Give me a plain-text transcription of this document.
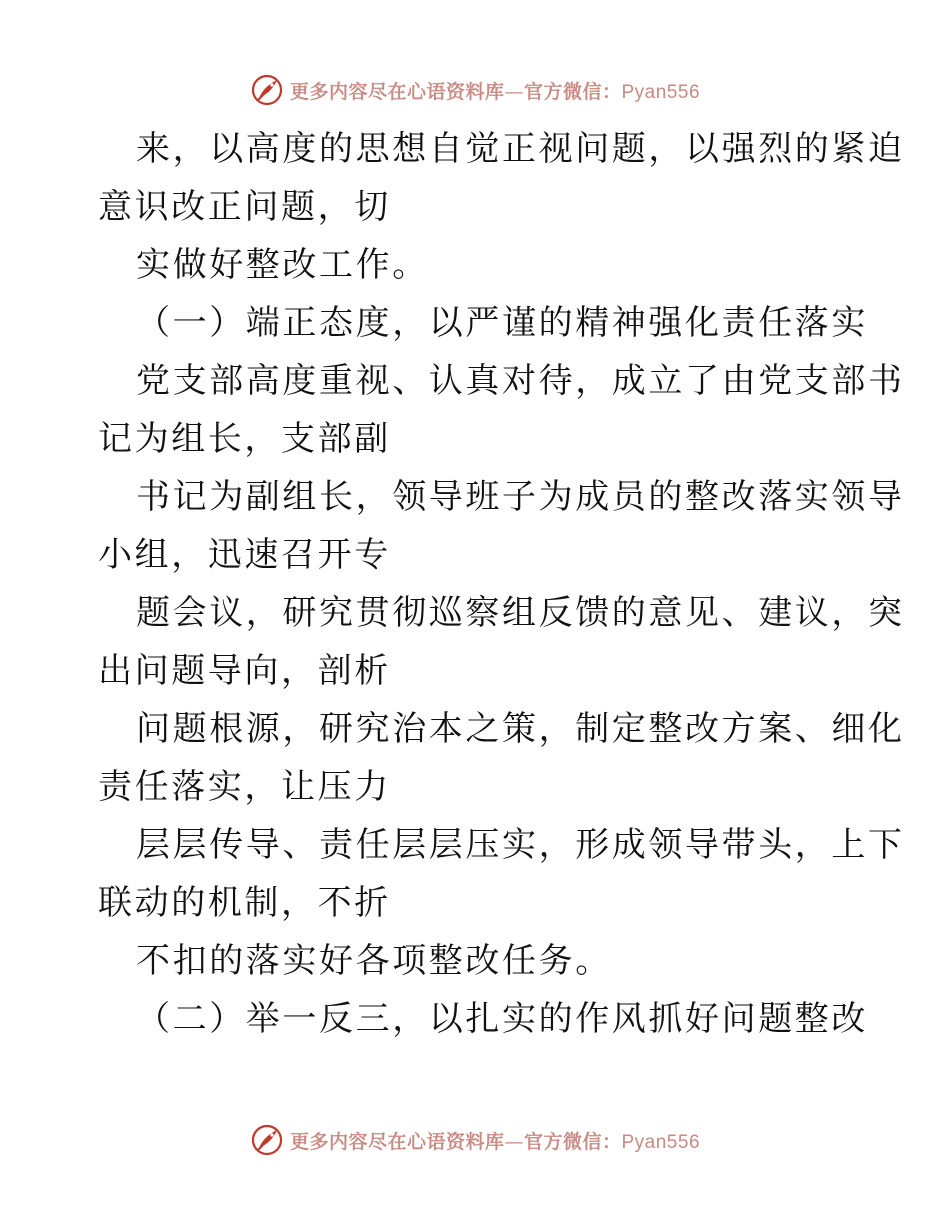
更多内容尽在心语资料库—官方微信：Pyan556
来，以高度的思想自觉正视问题，以强烈的紧迫
意识改正问题，切
实做好整改工作。
（一）端正态度，以严谨的精神强化责任落实
党支部高度重视、认真对待，成立了由党支部书
记为组长，支部副
书记为副组长，领导班子为成员的整改落实领导
小组，迅速召开专
题会议，研究贯彻巡察组反馈的意见、建议，突
出问题导向，剖析
问题根源，研究治本之策，制定整改方案、细化
责任落实，让压力
层层传导、责任层层压实，形成领导带头，上下
联动的机制，不折
不扣的落实好各项整改任务。
（二）举一反三，以扎实的作风抓好问题整改
更多内容尽在心语资料库—官方微信：Pyan556
